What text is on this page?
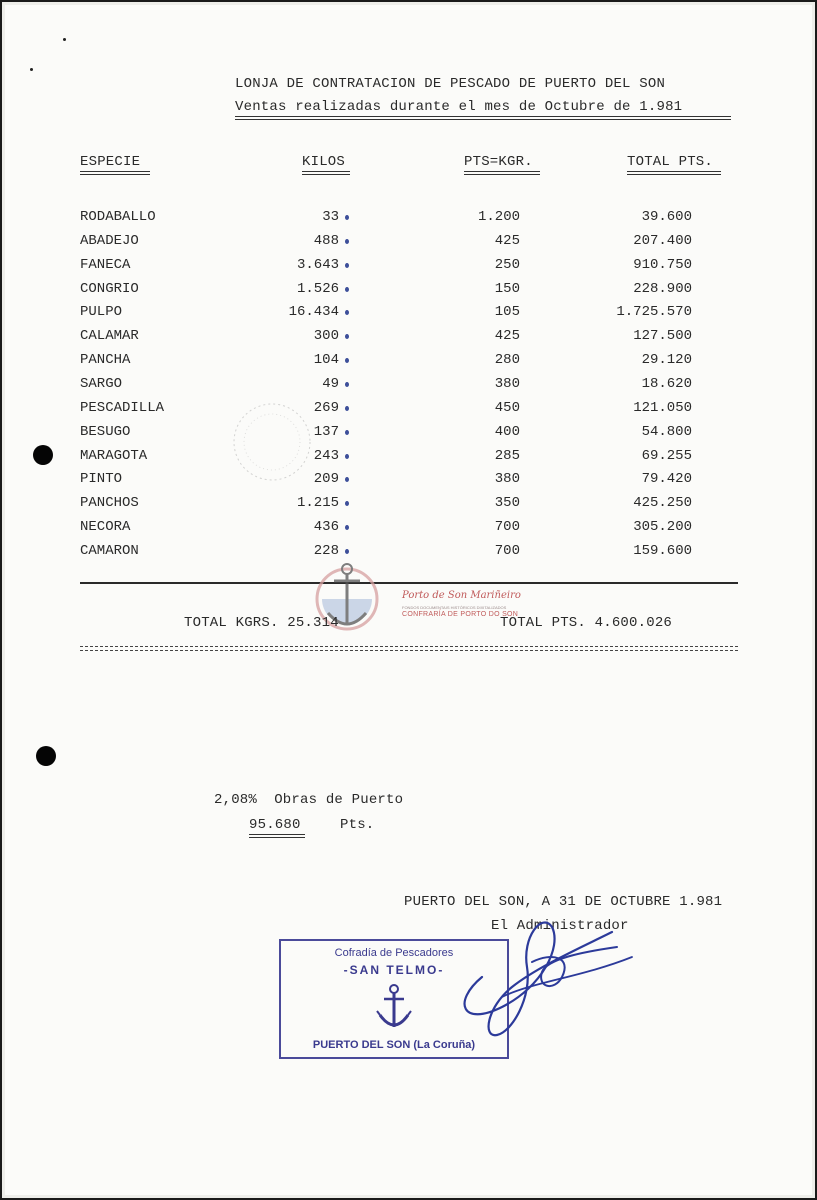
LONJA DE CONTRATACION DE PESCADO DE PUERTO DEL SON
Ventas realizadas durante el mes de Octubre de 1.981
ESPECIE	KILOS	PTS=KGR.	TOTAL PTS.
RODABALLO	33	1.200	39.600
ABADEJO	488	425	207.400
FANECA	3.643	250	910.750
CONGRIO	1.526	150	228.900
PULPO	16.434	105	1.725.570
CALAMAR	300	425	127.500
PANCHA	104	280	29.120
SARGO	49	380	18.620
PESCADILLA	269	450	121.050
BESUGO	137	400	54.800
MARAGOTA	243	285	69.255
PINTO	209	380	79.420
PANCHOS	1.215	350	425.250
NECORA	436	700	305.200
CAMARON	228	700	159.600
Porto de Son Mariñeiro
FONDOS DOCUMENTAIS HISTÓRICOS DIXITALIZADOS
CONFRARÍA DE PORTO DO SON
TOTAL KGRS. 25.314	TOTAL PTS. 4.600.026
2,08%  Obras de Puerto
95.680	Pts.
PUERTO DEL SON, A 31 DE OCTUBRE 1.981
El Administrador
Cofradía de Pescadores
-SAN TELMO-
PUERTO DEL SON (La Coruña)
